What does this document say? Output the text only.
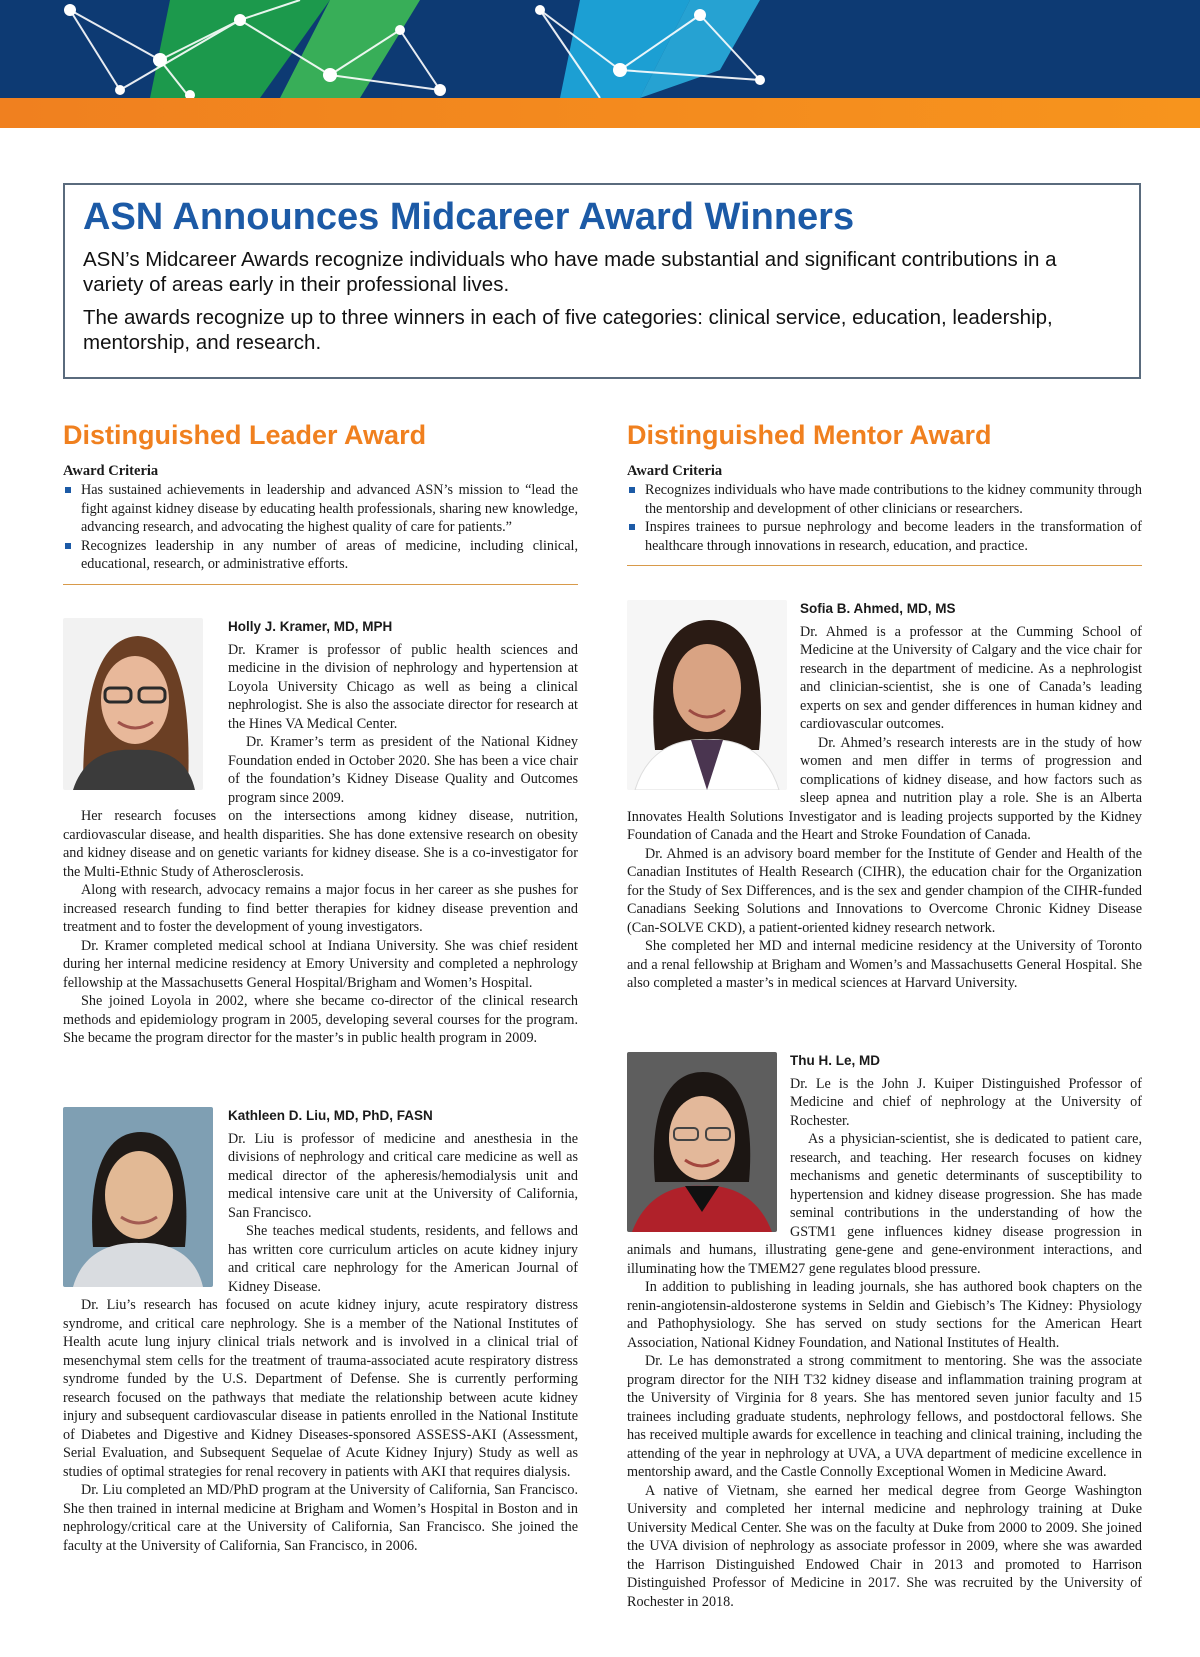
ASN Announces Midcareer Award Winners

ASN’s Midcareer Awards recognize individuals who have made substantial and significant contributions in a variety of areas early in their professional lives.

The awards recognize up to three winners in each of five categories: clinical service, education, leadership, mentorship, and research.

Distinguished Leader Award
Award Criteria
Has sustained achievements in leadership and advanced ASN’s mission to “lead the fight against kidney disease by educating health professionals, sharing new knowledge, advancing research, and advocating the highest quality of care for patients.”
Recognizes leadership in any number of areas of medicine, including clinical, educational, research, or administrative efforts.
Distinguished Mentor Award
Award Criteria
Recognizes individuals who have made contributions to the kidney community through the mentorship and development of other clinicians or researchers.
Inspires trainees to pursue nephrology and become leaders in the transformation of healthcare through innovations in research, education, and practice.
Holly J. Kramer, MD, MPH

Dr. Kramer is professor of public health sciences and medicine in the division of nephrology and hypertension at Loyola University Chicago as well as being a clinical nephrologist. She is also the associate director for research at the Hines VA Medical Center.

Dr. Kramer’s term as president of the National Kidney Foundation ended in October 2020. She has been a vice chair of the foundation’s Kidney Disease Quality and Outcomes program since 2009.

Her research focuses on the intersections among kidney disease, nutrition, cardiovascular disease, and health disparities. She has done extensive research on obesity and kidney disease and on genetic variants for kidney disease. She is a co-investigator for the Multi-Ethnic Study of Atherosclerosis.

Along with research, advocacy remains a major focus in her career as she pushes for increased research funding to find better therapies for kidney disease prevention and treatment and to foster the development of young investigators.

Dr. Kramer completed medical school at Indiana University. She was chief resident during her internal medicine residency at Emory University and completed a nephrology fellowship at the Massachusetts General Hospital/Brigham and Women’s Hospital.

She joined Loyola in 2002, where she became co-director of the clinical research methods and epidemiology program in 2005, developing several courses for the program. She became the program director for the master’s in public health program in 2009.

Kathleen D. Liu, MD, PhD, FASN

Dr. Liu is professor of medicine and anesthesia in the divisions of nephrology and critical care medicine as well as medical director of the apheresis/hemodialysis unit and medical intensive care unit at the University of California, San Francisco.

She teaches medical students, residents, and fellows and has written core curriculum articles on acute kidney injury and critical care nephrology for the American Journal of Kidney Disease.

Dr. Liu’s research has focused on acute kidney injury, acute respiratory distress syndrome, and critical care nephrology. She is a member of the National Institutes of Health acute lung injury clinical trials network and is involved in a clinical trial of mesenchymal stem cells for the treatment of trauma-associated acute respiratory distress syndrome funded by the U.S. Department of Defense. She is currently performing research focused on the pathways that mediate the relationship between acute kidney injury and subsequent cardiovascular disease in patients enrolled in the National Institute of Diabetes and Digestive and Kidney Diseases-sponsored ASSESS-AKI (Assessment, Serial Evaluation, and Subsequent Sequelae of Acute Kidney Injury) Study as well as studies of optimal strategies for renal recovery in patients with AKI that requires dialysis.

Dr. Liu completed an MD/PhD program at the University of California, San Francisco. She then trained in internal medicine at Brigham and Women’s Hospital in Boston and in nephrology/critical care at the University of California, San Francisco. She joined the faculty at the University of California, San Francisco, in 2006.

Sofia B. Ahmed, MD, MS

Dr. Ahmed is a professor at the Cumming School of Medicine at the University of Calgary and the vice chair for research in the department of medicine. As a nephrologist and clinician-scientist, she is one of Canada’s leading experts on sex and gender differences in human kidney and cardiovascular outcomes.

Dr. Ahmed’s research interests are in the study of how women and men differ in terms of progression and complications of kidney disease, and how factors such as sleep apnea and nutrition play a role. She is an Alberta Innovates Health Solutions Investigator and is leading projects supported by the Kidney Foundation of Canada and the Heart and Stroke Foundation of Canada.

Dr. Ahmed is an advisory board member for the Institute of Gender and Health of the Canadian Institutes of Health Research (CIHR), the education chair for the Organization for the Study of Sex Differences, and is the sex and gender champion of the CIHR-funded Canadians Seeking Solutions and Innovations to Overcome Chronic Kidney Disease (Can-SOLVE CKD), a patient-oriented kidney research network.

She completed her MD and internal medicine residency at the University of Toronto and a renal fellowship at Brigham and Women’s and Massachusetts General Hospital. She also completed a master’s in medical sciences at Harvard University.

Thu H. Le, MD

Dr. Le is the John J. Kuiper Distinguished Professor of Medicine and chief of nephrology at the University of Rochester.

As a physician-scientist, she is dedicated to patient care, research, and teaching. Her research focuses on kidney mechanisms and genetic determinants of susceptibility to hypertension and kidney disease progression. She has made seminal contributions in the understanding of how the GSTM1 gene influences kidney disease progression in animals and humans, illustrating gene-gene and gene-environment interactions, and illuminating how the TMEM27 gene regulates blood pressure.

In addition to publishing in leading journals, she has authored book chapters on the renin-angiotensin-aldosterone systems in Seldin and Giebisch’s The Kidney: Physiology and Pathophysiology. She has served on study sections for the American Heart Association, National Kidney Foundation, and National Institutes of Health.

Dr. Le has demonstrated a strong commitment to mentoring. She was the associate program director for the NIH T32 kidney disease and inflammation training program at the University of Virginia for 8 years. She has mentored seven junior faculty and 15 trainees including graduate students, nephrology fellows, and postdoctoral fellows. She has received multiple awards for excellence in teaching and clinical training, including the attending of the year in nephrology at UVA, a UVA department of medicine excellence in mentorship award, and the Castle Connolly Exceptional Women in Medicine Award.

A native of Vietnam, she earned her medical degree from George Washington University and completed her internal medicine and nephrology training at Duke University Medical Center. She was on the faculty at Duke from 2000 to 2009. She joined the UVA division of nephrology as associate professor in 2009, where she was awarded the Harrison Distinguished Endowed Chair in 2013 and promoted to Harrison Distinguished Professor of Medicine in 2017. She was recruited by the University of Rochester in 2018.
